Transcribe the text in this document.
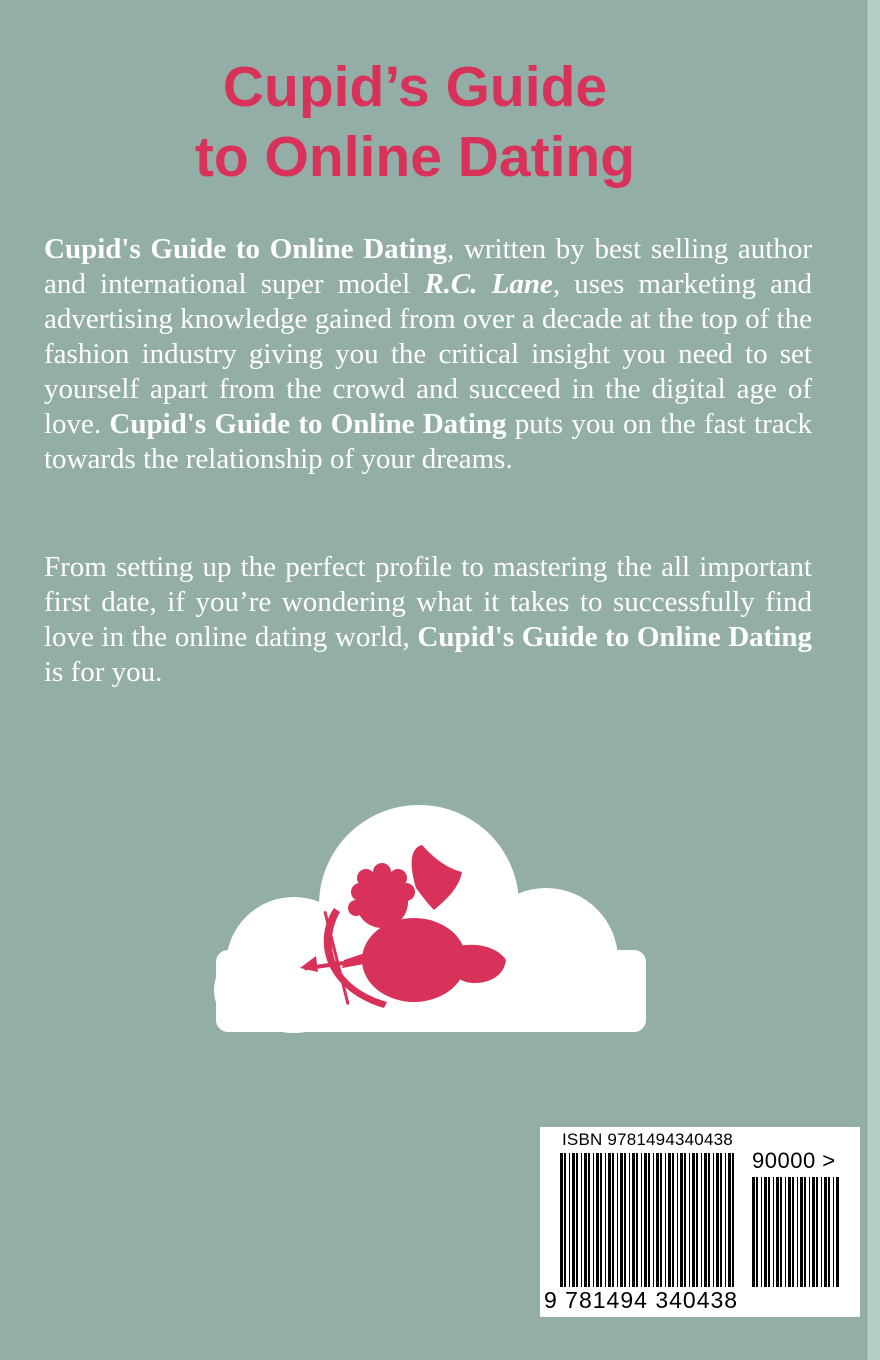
Cupid’s Guide
to Online Dating

Cupid's Guide to Online Dating, written by best selling author and international super model R.C. Lane, uses marketing and advertising knowledge gained from over a decade at the top of the fashion industry giving you the critical insight you need to set yourself apart from the crowd and succeed in the digital age of love. Cupid's Guide to Online Dating puts you on the fast track towards the relationship of your dreams.

From setting up the perfect profile to mastering the all important first date, if you’re wondering what it takes to successfully find love in the online dating world, Cupid's Guide to Online Dating is for you.

ISBN 9781494340438
90000 >
9 781494 340438
